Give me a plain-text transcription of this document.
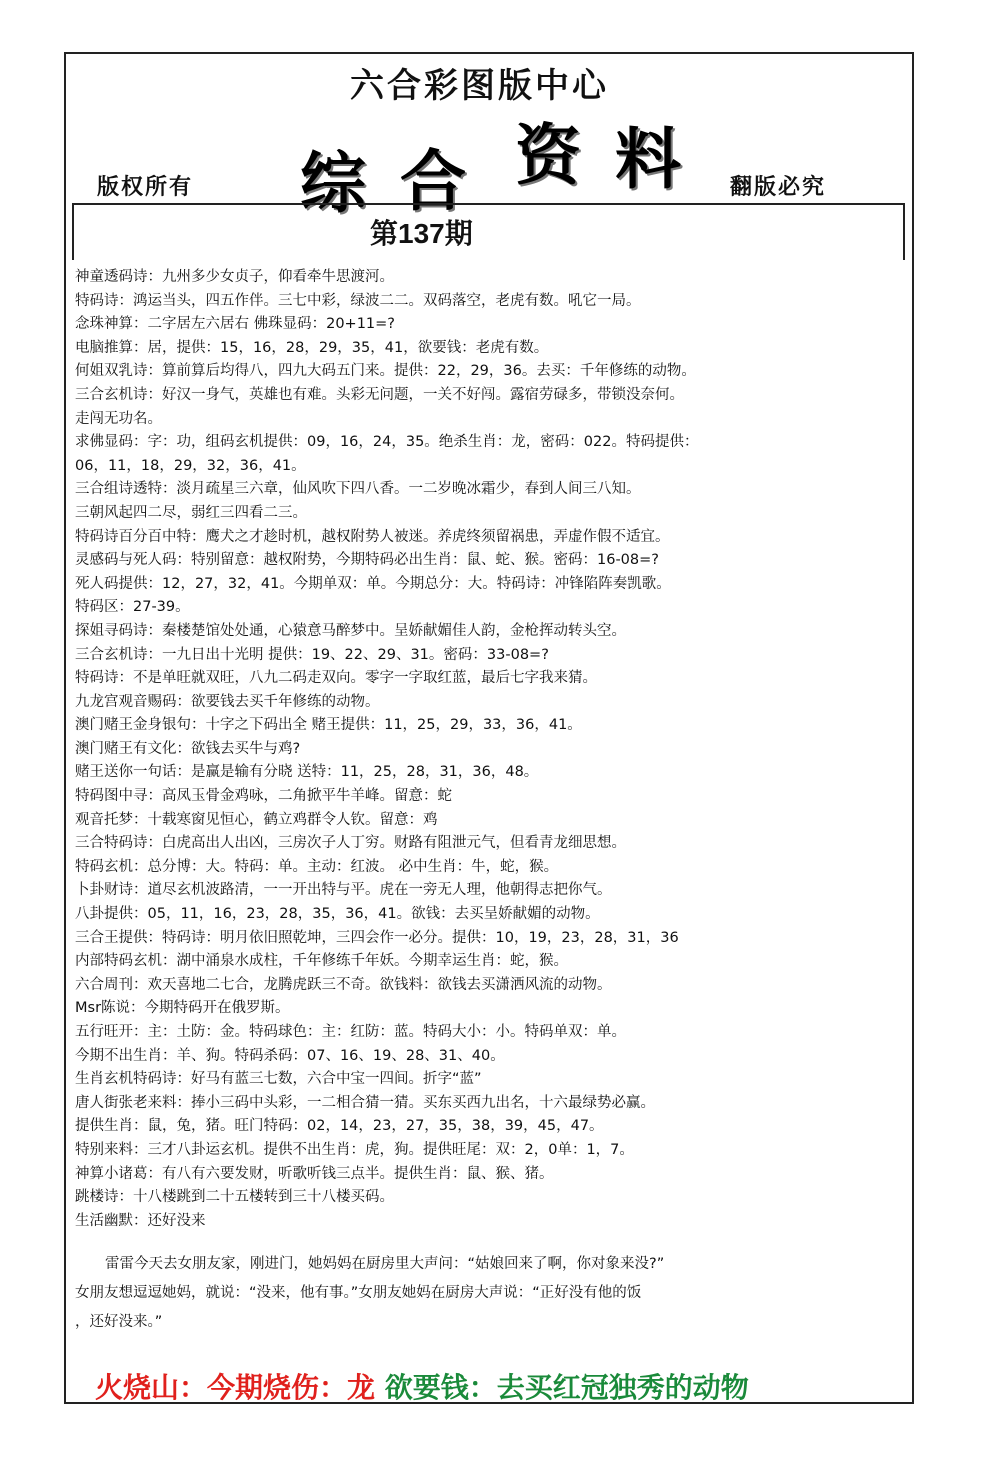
六合彩图版中心
综 合 资 料
版权所有	翻版必究
第137期
神童透码诗：九州多少女贞子，仰看牵牛思渡河。
特码诗：鸿运当头，四五作伴。三七中彩，绿波二二。双码落空，老虎有数。吼它一局。
念珠神算：二字居左六居右 佛珠显码：20+11=?
电脑推算：居，提供：15，16，28，29，35，41，欲要钱：老虎有数。
何姐双乳诗：算前算后均得八，四九大码五门来。提供：22，29，36。去买：千年修练的动物。
三合玄机诗：好汉一身气，英雄也有难。头彩无问题，一关不好闯。露宿劳碌多，带锁没奈何。
走闯无功名。
求佛显码：字：功，组码玄机提供：09，16，24，35。绝杀生肖：龙，密码：022。特码提供：
06，11，18，29，32，36，41。
三合组诗透特：淡月疏星三六章，仙风吹下四八香。一二岁晚冰霜少，春到人间三八知。
三朝风起四二尽，弱红三四看二三。
特码诗百分百中特：鹰犬之才趁时机，越权附势人被迷。养虎终须留祸患，弄虚作假不适宜。
灵感码与死人码：特别留意：越权附势，今期特码必出生肖：鼠、蛇、猴。密码：16-08=?
死人码提供：12，27，32，41。今期单双：单。今期总分：大。特码诗：冲锋陷阵奏凯歌。
特码区：27-39。
探姐寻码诗：秦楼楚馆处处通，心猿意马醉梦中。呈娇献媚佳人韵，金枪挥动转头空。
三合玄机诗：一九日出十光明 提供：19、22、29、31。密码：33-08=?
特码诗：不是单旺就双旺，八九二码走双向。零字一字取红蓝，最后七字我来猜。
九龙宫观音赐码：欲要钱去买千年修练的动物。
澳门赌王金身银句：十字之下码出全 赌王提供：11，25，29，33，36，41。
澳门赌王有文化：欲钱去买牛与鸡?
赌王送你一句话：是赢是输有分晓 送特：11，25，28，31，36，48。
特码图中寻：高凤玉骨金鸡咏，二角掀平牛羊峰。留意：蛇
观音托梦：十载寒窗见恒心，鹤立鸡群令人钦。留意：鸡
三合特码诗：白虎高出人出凶，三房次子人丁穷。财路有阻泄元气，但看青龙细思想。
特码玄机：总分博：大。特码：单。主动：红波。 必中生肖：牛，蛇，猴。
卜卦财诗：道尽玄机波路清，一一开出特与平。虎在一旁无人理，他朝得志把你气。
八卦提供：05，11，16，23，28，35，36，41。欲钱：去买呈娇献媚的动物。
三合王提供：特码诗：明月依旧照乾坤，三四会作一必分。提供：10，19，23，28，31，36
内部特码玄机：湖中涌泉水成柱，千年修练千年妖。今期幸运生肖：蛇，猴。
六合周刊：欢天喜地二七合，龙腾虎跃三不奇。欲钱料：欲钱去买潇洒风流的动物。
Msr陈说：今期特码开在俄罗斯。
五行旺开：主：土防：金。特码球色：主：红防：蓝。特码大小：小。特码单双：单。
今期不出生肖：羊、狗。特码杀码：07、16、19、28、31、40。
生肖玄机特码诗：好马有蓝三七数，六合中宝一四间。折字“蓝”
唐人街张老来料：捧小三码中头彩，一二相合猜一猜。买东买西九出名，十六最绿势必赢。
提供生肖：鼠，兔，猪。旺门特码：02，14，23，27，35，38，39，45，47。
特别来料：三才八卦运玄机。提供不出生肖：虎，狗。提供旺尾：双：2，0单：1，7。
神算小诸葛：有八有六要发财，听歌听钱三点半。提供生肖：鼠、猴、猪。
跳楼诗：十八楼跳到二十五楼转到三十八楼买码。
生活幽默：还好没来
雷雷今天去女朋友家，刚进门，她妈妈在厨房里大声问：“姑娘回来了啊，你对象来没?”
女朋友想逗逗她妈，就说：“没来，他有事。”女朋友她妈在厨房大声说：“正好没有他的饭
，还好没来。”
火烧山：今期烧伤：龙 欲要钱：去买红冠独秀的动物
